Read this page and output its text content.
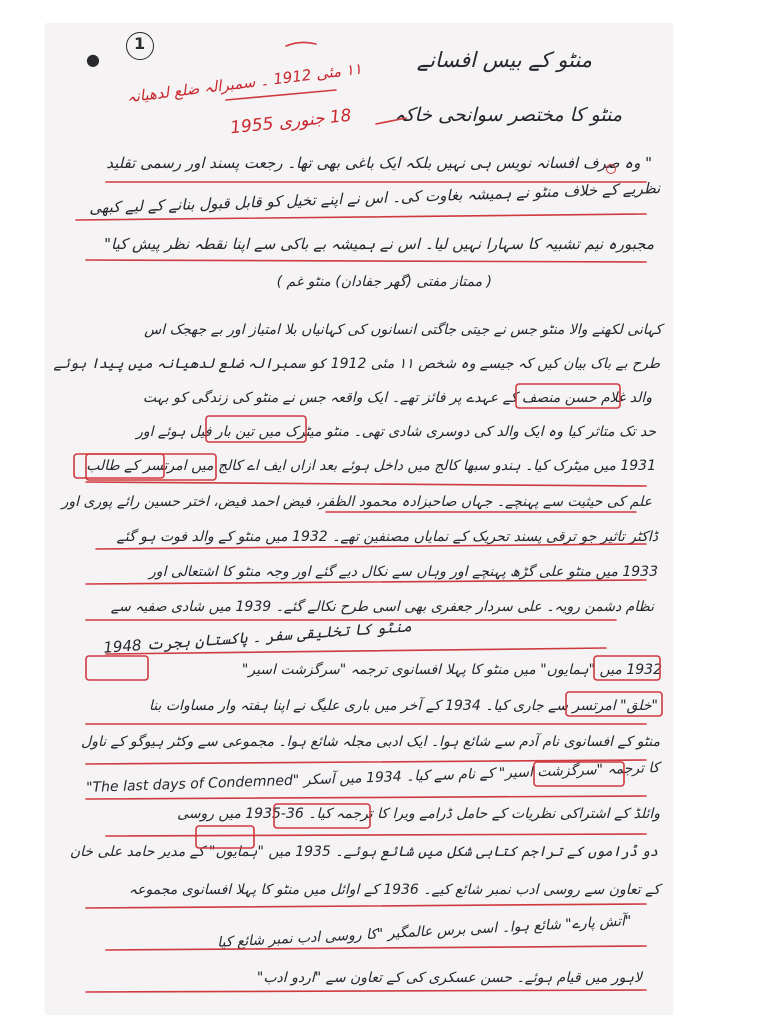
●
1
منٹو کے بیس افسانے
۱۱ مئی 1912 ۔ سمبرالہ ضلع لدھیانہ
18 جنوری 1955 منٹو کا مختصر سوانحی خاکہ
" وہ صرف افسانہ نویس ہی نہیں بلکہ ایک باغی بھی تھا۔ رجعت پسند اور رسمی تقلید
نظریے کے خلاف منٹو نے ہمیشہ بغاوت کی۔ اس نے اپنے تخیل کو قابل قبول بنانے کے لیے کبھی
مجبورہ نیم تشبیہ کا سہارا نہیں لیا۔ اس نے ہمیشہ بے باکی سے اپنا نقطہ نظر پیش کیا"
( ممتاز مفتی (گھر جفادان) منٹو غم )
کہانی لکھنے والا منٹو جس نے جیتی جاگتی انسانوں کی کہانیاں بلا امتیاز اور بے جھجک اس
طرح بے باک بیان کیں کہ جیسے وہ شخص ۱۱ مئی 1912 کو سمبرالہ ضلع لدھیانہ میں پیدا ہوئے
والد غلام حسن منصف کے عہدے پر فائز تھے۔ ایک واقعہ جس نے منٹو کی زندگی کو بہت
حد تک متاثر کیا وہ ایک والد کی دوسری شادی تھی۔ منٹو میٹرک میں تین بار فیل ہوئے اور
1931 میں میٹرک کیا۔ ہندو سبھا کالج میں داخل ہوئے بعد ازاں ایف اے کالج میں امرتسر کے طالب
علم کی حیثیت سے پہنچے۔ جہاں صاحبزادہ محمود الظفر، فیض احمد فیض، اختر حسین رائے پوری اور
ڈاکٹر تاثیر جو ترقی پسند تحریک کے نمایاں مصنفین تھے۔ 1932 میں منٹو کے والد فوت ہو گئے
1933 میں منٹو علی گڑھ پہنچے اور وہاں سے نکال دیے گئے اور وجہ منٹو کا اشتعالی اور
نظام دشمن رویہ۔ علی سردار جعفری بھی اسی طرح نکالے گئے۔ 1939 میں شادی صفیہ سے
منٹو کا تخلیقی سفر ۔ پاکستان ہجرت 1948
1932 میں "ہمایوں" میں منٹو کا پہلا افسانوی ترجمہ "سرگزشت اسیر"
"خلق" امرتسر سے جاری کیا۔ 1934 کے آخر میں باری علیگ نے اپنا ہفتہ وار مساوات بنا
منٹو کے افسانوی نام آدم سے شائع ہوا۔ ایک ادبی مجلہ شائع ہوا۔ مجموعی سے وکٹر ہیوگو کے ناول
"The last days of Condemned" کا ترجمہ "سرگزشت اسیر" کے نام سے کیا۔ 1934 میں آسکر
وائلڈ کے اشتراکی نظریات کے حامل ڈرامے ویرا کا ترجمہ کیا۔ 36-1935 میں روسی
دو ڈراموں کے تراجم کتابی شکل میں شائع ہوئے۔ 1935 میں "ہمایوں" کے مدیر حامد علی خان
کے تعاون سے روسی ادب نمبر شائع کیے۔ 1936 کے اوائل میں منٹو کا پہلا افسانوی مجموعہ
"آتش پارے" شائع ہوا۔ اسی برس عالمگیر "کا روسی ادب نمبر شائع کیا
لاہور میں قیام ہوئے۔ حسن عسکری کی کے تعاون سے "اردو ادب"
